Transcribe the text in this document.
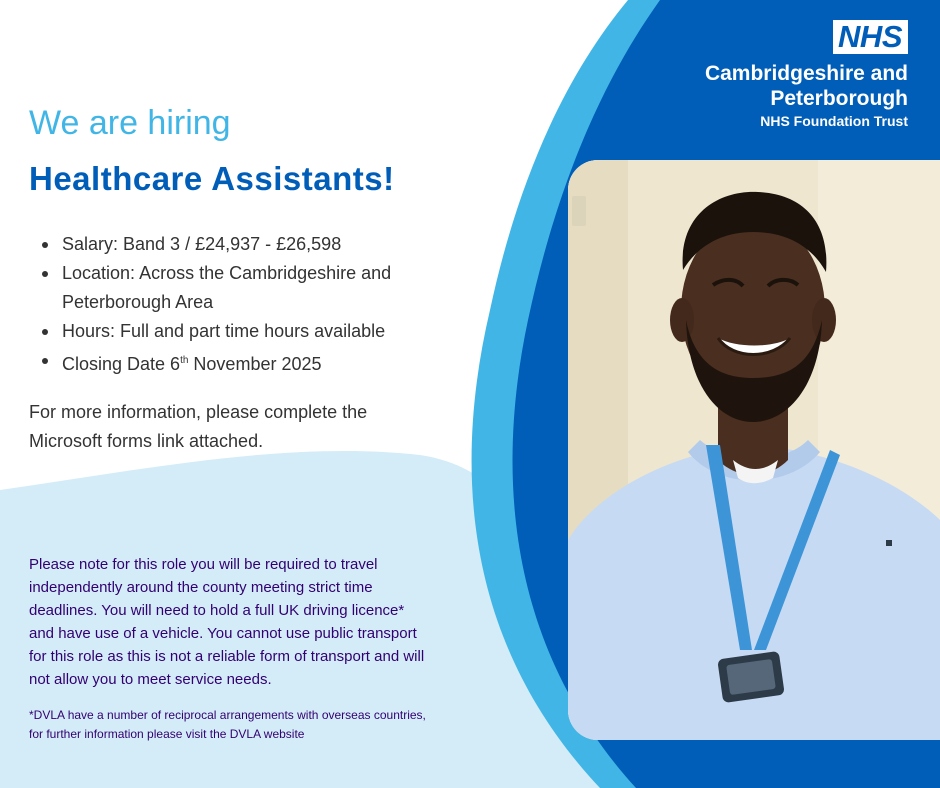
We are hiring
Healthcare Assistants!
Salary: Band 3 / £24,937 - £26,598
Location: Across the Cambridgeshire and Peterborough Area
Hours: Full and part time hours available
Closing Date 6th November 2025
For more information, please complete the Microsoft forms link attached.
Please note for this role you will be required to travel independently around the county meeting strict time deadlines. You will need to hold a full UK driving licence* and have use of a vehicle. You cannot use public transport for this role as this is not a reliable form of transport and will not allow you to meet service needs.
*DVLA have a number of reciprocal arrangements with overseas countries, for further information please visit the DVLA website
NHS
Cambridgeshire and
Peterborough
NHS Foundation Trust
